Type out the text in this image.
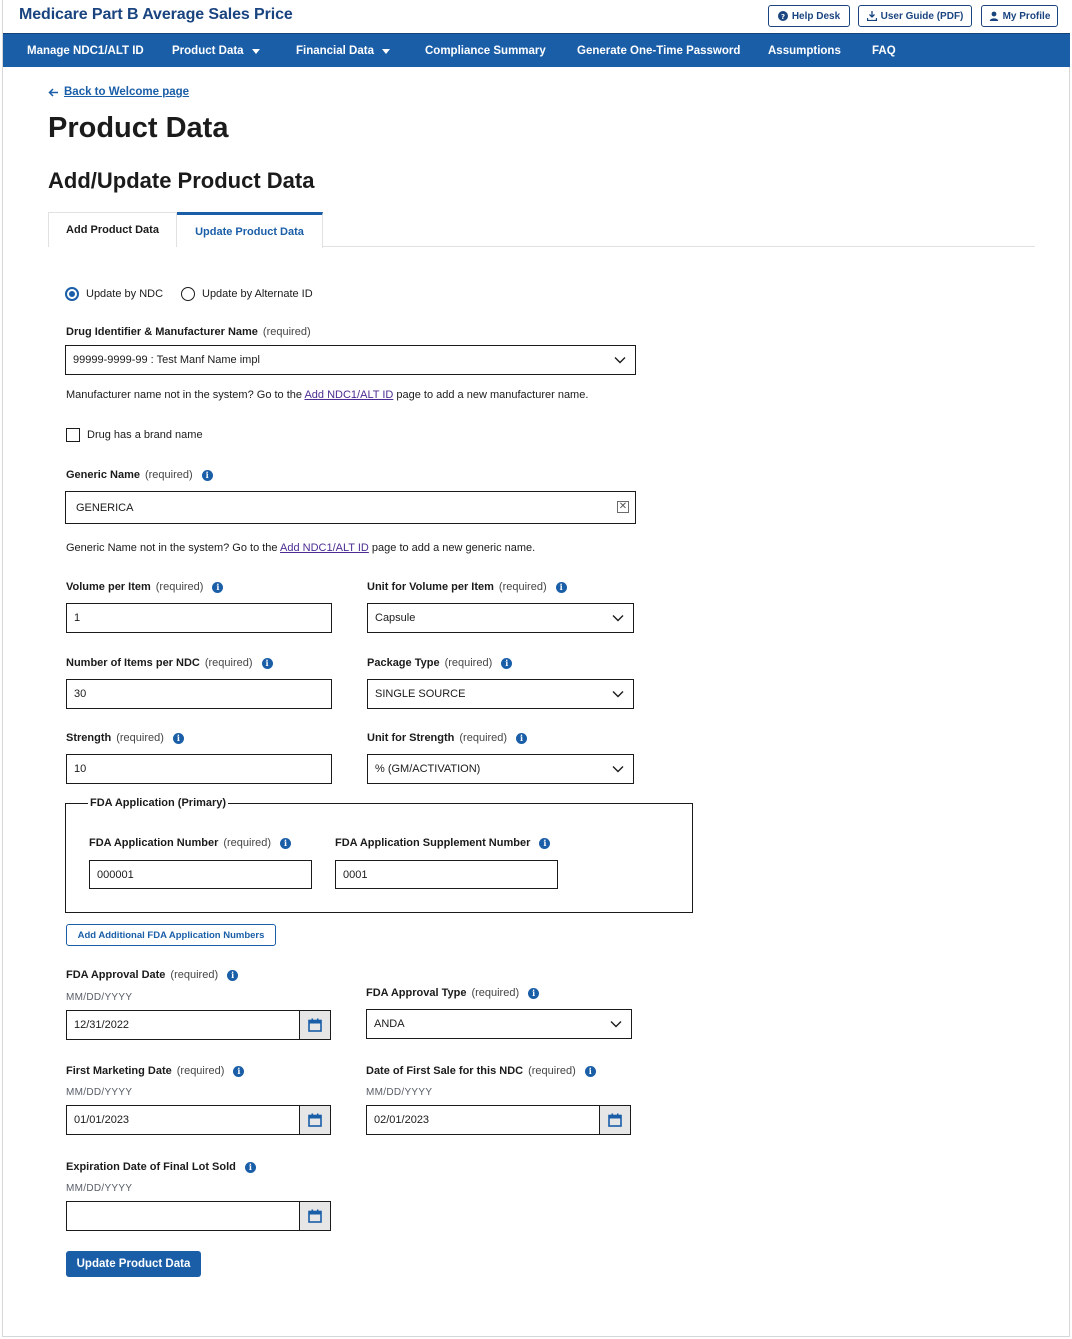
Medicare Part B Average Sales Price	? Help Desk	User Guide (PDF)	My Profile
Manage NDC1/ALT ID Product Data	Financial Data	Compliance Summary	Generate One-Time Password Assumptions	FAQ
Back to Welcome page
Product Data
Add/Update Product Data
Add Product Data	Update Product Data
Update by NDC	Update by Alternate ID
Drug Identifier & Manufacturer Name (required)
99999-9999-99 : Test Manf Name impl
Manufacturer name not in the system? Go to the Add NDC1/ALT ID page to add a new manufacturer name.
Drug has a brand name
Generic Name (required)	i
GENERICA	✕
Generic Name not in the system? Go to the Add NDC1/ALT ID page to add a new generic name.
Volume per Item (required)	i
1
Unit for Volume per Item (required)	i
Capsule
Number of Items per NDC (required)	i
30
Package Type (required)	i
SINGLE SOURCE
Strength (required)	i
10
Unit for Strength (required)	i
% (GM/ACTIVATION)
FDA Application (Primary)
FDA Application Number (required)	i
000001
FDA Application Supplement Number	i
0001
Add Additional FDA Application Numbers
FDA Approval Date (required)	i
MM/DD/YYYY
12/31/2022
FDA Approval Type (required)	i
ANDA
First Marketing Date (required)	i
MM/DD/YYYY
01/01/2023
Date of First Sale for this NDC (required)	i
MM/DD/YYYY
02/01/2023
Expiration Date of Final Lot Sold	i
MM/DD/YYYY
Update Product Data
